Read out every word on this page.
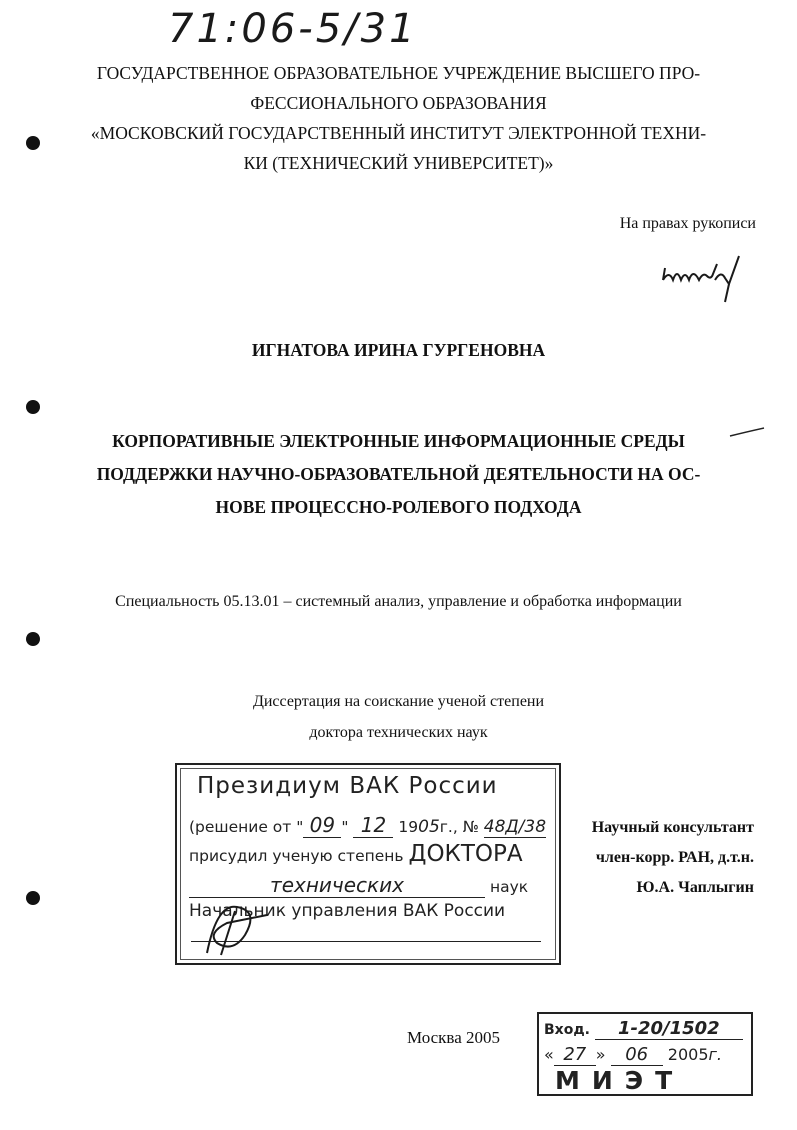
71:06-5/31
ГОСУДАРСТВЕННОЕ ОБРАЗОВАТЕЛЬНОЕ УЧРЕЖДЕНИЕ ВЫСШЕГО ПРО-
ФЕССИОНАЛЬНОГО ОБРАЗОВАНИЯ
«МОСКОВСКИЙ ГОСУДАРСТВЕННЫЙ ИНСТИТУТ ЭЛЕКТРОННОЙ ТЕХНИ-
КИ (ТЕХНИЧЕСКИЙ УНИВЕРСИТЕТ)»
На правах рукописи
ИГНАТОВА ИРИНА ГУРГЕНОВНА
КОРПОРАТИВНЫЕ ЭЛЕКТРОННЫЕ ИНФОРМАЦИОННЫЕ СРЕДЫ
ПОДДЕРЖКИ НАУЧНО-ОБРАЗОВАТЕЛЬНОЙ ДЕЯТЕЛЬНОСТИ НА ОС-
НОВЕ ПРОЦЕССНО-РОЛЕВОГО ПОДХОДА
Специальность 05.13.01 – системный анализ, управление и обработка информации
Диссертация на соискание ученой степени
доктора технических наук
Президиум ВАК России
(решение от " 09 " 12 1905г., № 48Д/38
присудил ученую степень ДОКТОРА
технических	наук
Начальник управления ВАК России
Научный консультант
член-корр. РАН, д.т.н.
Ю.А. Чаплыгин
Москва 2005	Вход. 1-20/1502
« 27 » 06 2005г.
МИЭТ
